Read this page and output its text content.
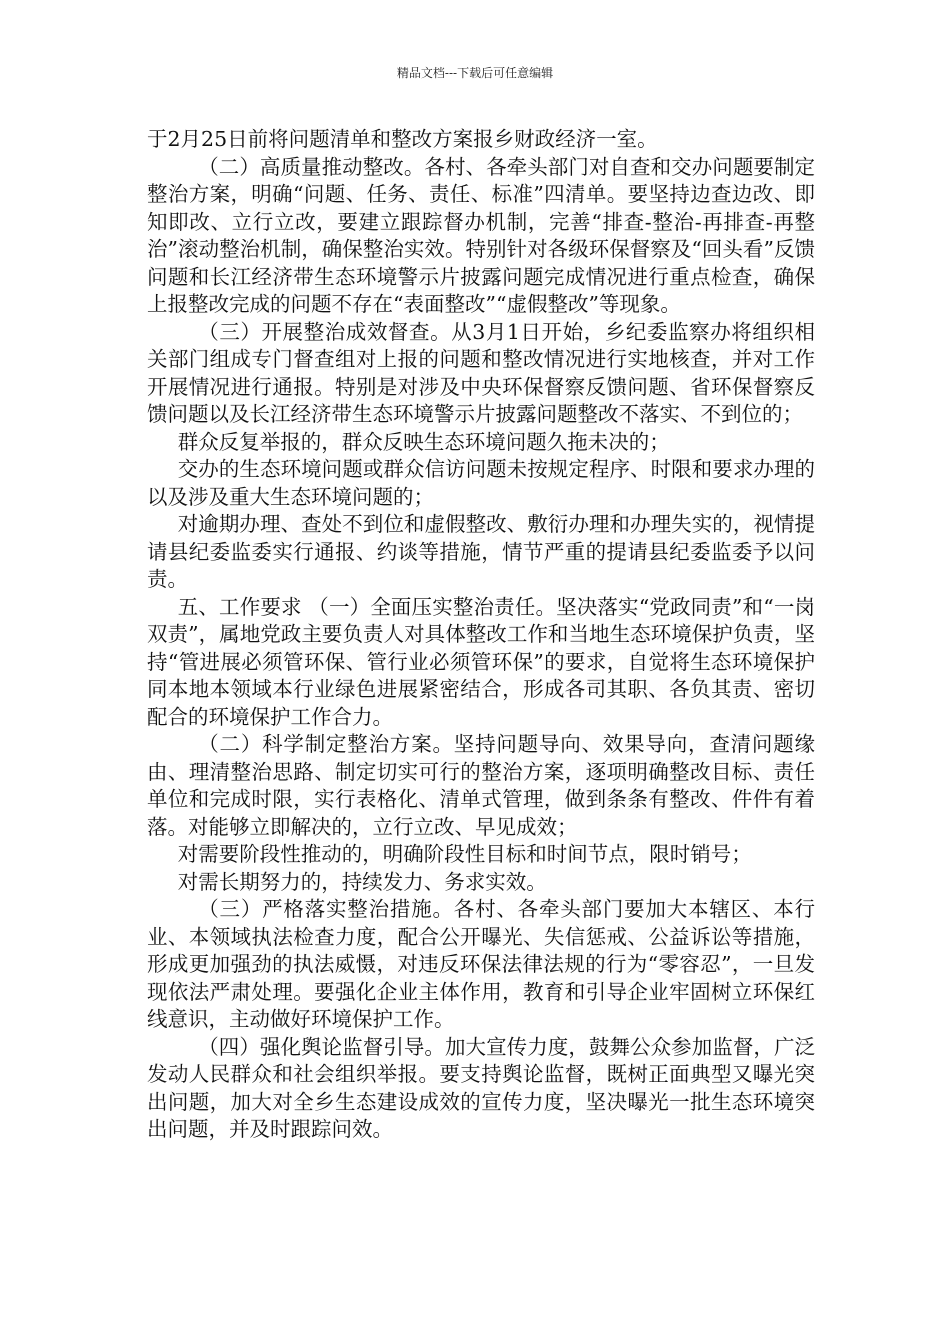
精品文档---下载后可任意编辑

于2月25日前将问题清单和整改方案报乡财政经济一室。

（二）高质量推动整改。各村、各牵头部门对自查和交办问题要制定整治方案，明确“问题、任务、责任、标准”四清单。要坚持边查边改、即知即改、立行立改，要建立跟踪督办机制，完善“排查-整治-再排查-再整治”滚动整治机制，确保整治实效。特别针对各级环保督察及“回头看”反馈问题和长江经济带生态环境警示片披露问题完成情况进行重点检查，确保上报整改完成的问题不存在“表面整改”“虚假整改”等现象。

（三）开展整治成效督查。从3月1日开始，乡纪委监察办将组织相关部门组成专门督查组对上报的问题和整改情况进行实地核查，并对工作开展情况进行通报。特别是对涉及中央环保督察反馈问题、省环保督察反馈问题以及长江经济带生态环境警示片披露问题整改不落实、不到位的；

群众反复举报的，群众反映生态环境问题久拖未决的；

交办的生态环境问题或群众信访问题未按规定程序、时限和要求办理的以及涉及重大生态环境问题的；

对逾期办理、查处不到位和虚假整改、敷衍办理和办理失实的，视情提请县纪委监委实行通报、约谈等措施，情节严重的提请县纪委监委予以问责。

五、工作要求 （一）全面压实整治责任。坚决落实“党政同责”和“一岗双责”，属地党政主要负责人对具体整改工作和当地生态环境保护负责，坚持“管进展必须管环保、管行业必须管环保”的要求，自觉将生态环境保护同本地本领域本行业绿色进展紧密结合，形成各司其职、各负其责、密切配合的环境保护工作合力。

（二）科学制定整治方案。坚持问题导向、效果导向，查清问题缘由、理清整治思路、制定切实可行的整治方案，逐项明确整改目标、责任单位和完成时限，实行表格化、清单式管理，做到条条有整改、件件有着落。对能够立即解决的，立行立改、早见成效；

对需要阶段性推动的，明确阶段性目标和时间节点，限时销号；

对需长期努力的，持续发力、务求实效。

（三）严格落实整治措施。各村、各牵头部门要加大本辖区、本行业、本领域执法检查力度，配合公开曝光、失信惩戒、公益诉讼等措施，形成更加强劲的执法威慑，对违反环保法律法规的行为“零容忍”，一旦发现依法严肃处理。要强化企业主体作用，教育和引导企业牢固树立环保红线意识，主动做好环境保护工作。

（四）强化舆论监督引导。加大宣传力度，鼓舞公众参加监督，广泛发动人民群众和社会组织举报。要支持舆论监督，既树正面典型又曝光突出问题，加大对全乡生态建设成效的宣传力度，坚决曝光一批生态环境突出问题，并及时跟踪问效。
